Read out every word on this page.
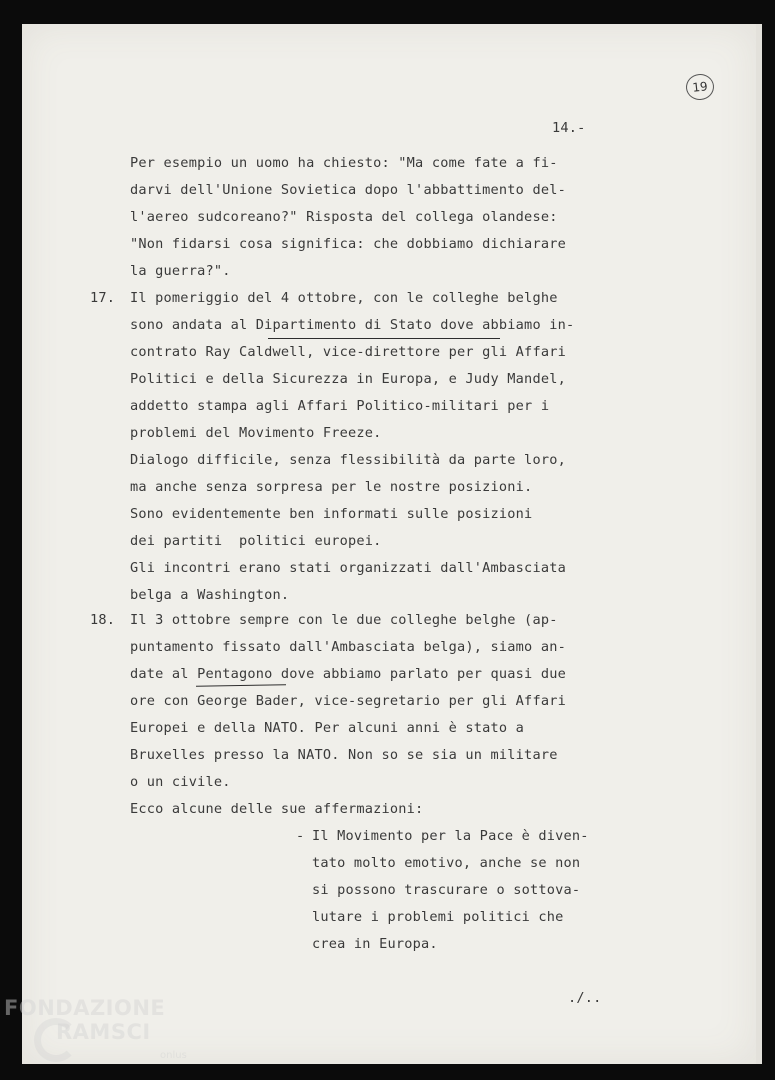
19

14.-

Per esempio un uomo ha chiesto: "Ma come fate a fi-

darvi dell'Unione Sovietica dopo l'abbattimento del-

l'aereo sudcoreano?" Risposta del collega olandese:

"Non fidarsi cosa significa: che dobbiamo dichiarare

la guerra?".

17.

Il pomeriggio del 4 ottobre, con le colleghe belghe

sono andata al Dipartimento di Stato dove abbiamo in-

contrato Ray Caldwell, vice-direttore per gli Affari

Politici e della Sicurezza in Europa, e Judy Mandel,

addetto stampa agli Affari Politico-militari per i

problemi del Movimento Freeze.

Dialogo difficile, senza flessibilità da parte loro,

ma anche senza sorpresa per le nostre posizioni.

Sono evidentemente ben informati sulle posizioni

dei partiti  politici europei.

Gli incontri erano stati organizzati dall'Ambasciata

belga a Washington.

18.

Il 3 ottobre sempre con le due colleghe belghe (ap-

puntamento fissato dall'Ambasciata belga), siamo an-

date al Pentagono dove abbiamo parlato per quasi due

ore con George Bader, vice-segretario per gli Affari

Europei e della NATO. Per alcuni anni è stato a

Bruxelles presso la NATO. Non so se sia un militare

o un civile.

Ecco alcune delle sue affermazioni:

-

Il Movimento per la Pace è diven-

tato molto emotivo, anche se non

si possono trascurare o sottova-

lutare i problemi politici che

crea in Europa.

./..

FONDAZIONE
RAMSCI
onlus
